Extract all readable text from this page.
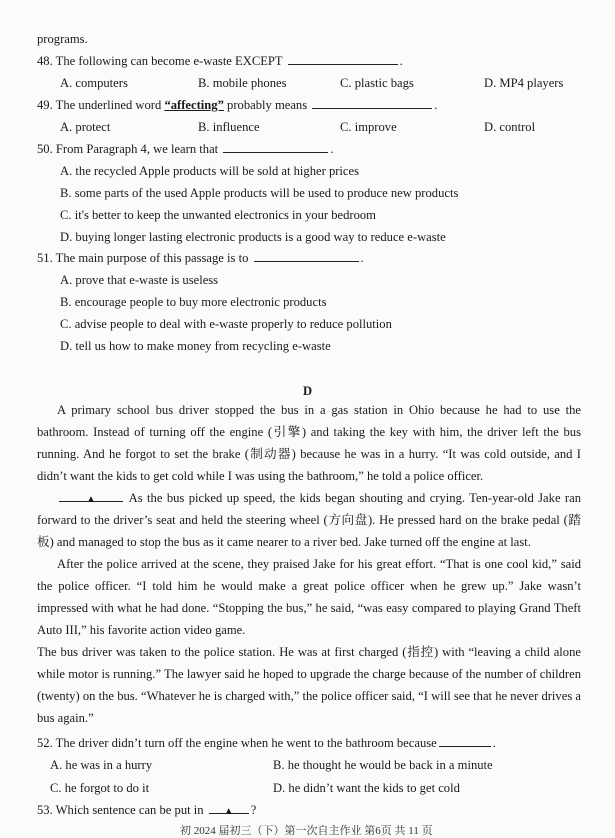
programs.
48. The following can become e-waste EXCEPT	.
A. computers	B. mobile phones	C. plastic bags	D. MP4 players
49. The underlined word “affecting” probably means	.
A. protect	B. influence	C. improve	D. control
50. From Paragraph 4, we learn that	.
A. the recycled Apple products will be sold at higher prices
B. some parts of the used Apple products will be used to produce new products
C. it's better to keep the unwanted electronics in your bedroom
D. buying longer lasting electronic products is a good way to reduce e-waste
51. The main purpose of this passage is to	.
A. prove that e-waste is useless
B. encourage people to buy more electronic products
C. advise people to deal with e-waste properly to reduce pollution
D. tell us how to make money from recycling e-waste
D

A primary school bus driver stopped the bus in a gas station in Ohio because he had to use the bathroom. Instead of turning off the engine (引擎) and taking the key with him, the driver left the bus running. And he forgot to set the brake (制动器) because he was in a hurry. “It was cold outside, and I didn’t want the kids to get cold while I was using the bathroom,” he told a police officer.

▲ As the bus picked up speed, the kids began shouting and crying. Ten-year-old Jake ran forward to the driver’s seat and held the steering wheel (方向盘). He pressed hard on the brake pedal (踏板) and managed to stop the bus as it came nearer to a river bed. Jake turned off the engine at last.

After the police arrived at the scene, they praised Jake for his great effort. “That is one cool kid,” said the police officer. “I told him he would make a great police officer when he grew up.” Jake wasn’t impressed with what he had done. “Stopping the bus,” he said, “was easy compared to playing Grand Theft Auto III,” his favorite action video game.

The bus driver was taken to the police station. He was at first charged (指控) with “leaving a child alone while motor is running.” The lawyer said he hoped to upgrade the charge because of the number of children (twenty) on the bus. “Whatever he is charged with,” the police officer said, “I will see that he never drives a bus again.”

52. The driver didn’t turn off the engine when he went to the bathroom because	.
A. he was in a hurry	B. he thought he would be back in a minute
C. he forgot to do it	D. he didn’t want the kids to get cold
53. Which sentence can be put in ▲ ?
初 2024 届初三（下）第一次自主作业 第6页 共 11 页
